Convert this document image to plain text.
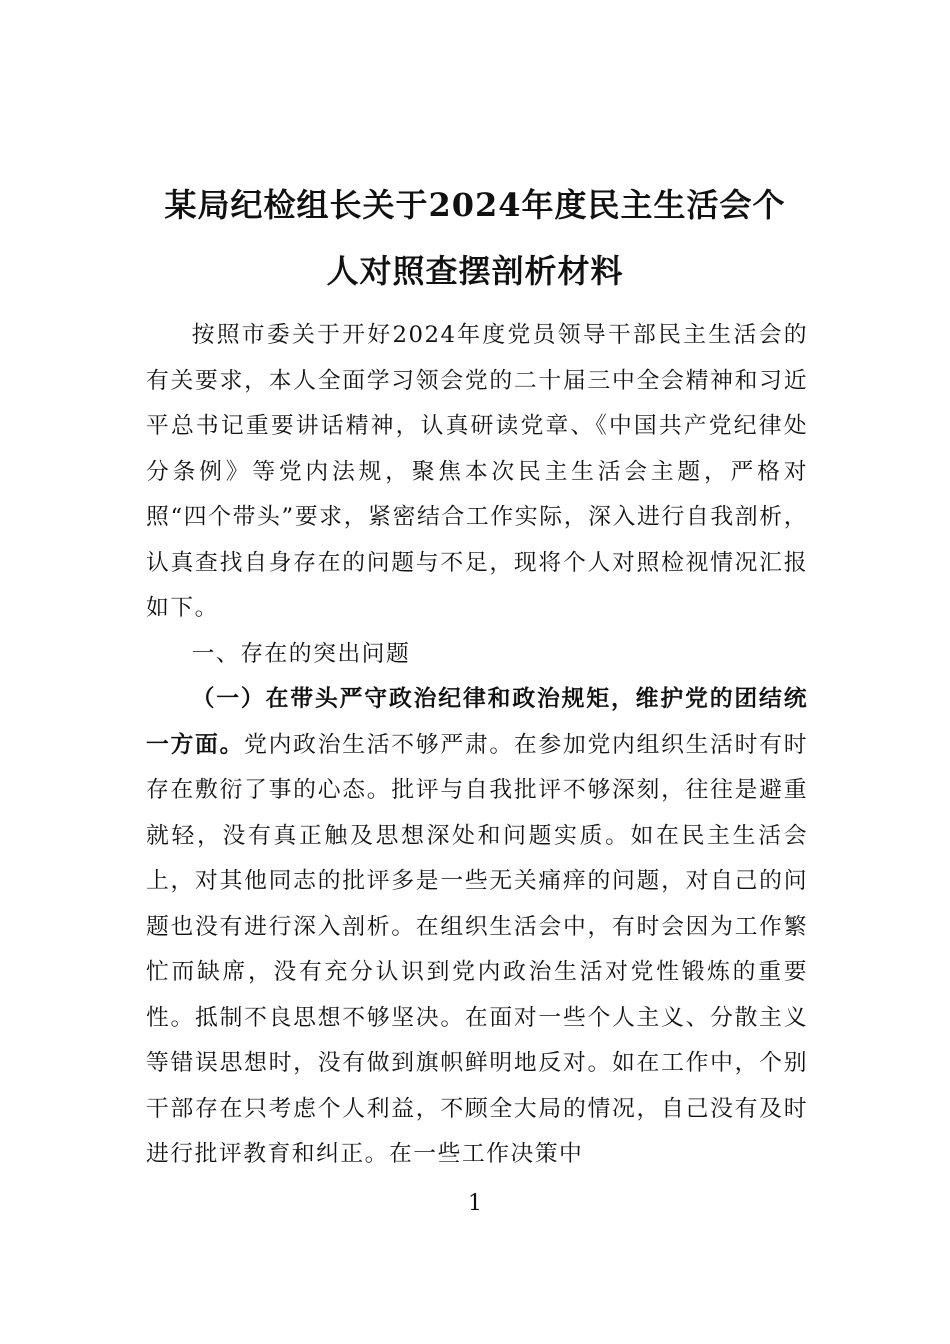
某局纪检组长关于2024年度民主生活会个
人对照查摆剖析材料

按照市委关于开好2024年度党员领导干部民主生活会的有关要求，本人全面学习领会党的二十届三中全会精神和习近平总书记重要讲话精神，认真研读党章、《中国共产党纪律处分条例》等党内法规，聚焦本次民主生活会主题，严格对照“四个带头”要求，紧密结合工作实际，深入进行自我剖析，认真查找自身存在的问题与不足，现将个人对照检视情况汇报如下。

一、存在的突出问题

（一）在带头严守政治纪律和政治规矩，维护党的团结统一方面。党内政治生活不够严肃。在参加党内组织生活时有时存在敷衍了事的心态。批评与自我批评不够深刻，往往是避重就轻，没有真正触及思想深处和问题实质。如在民主生活会上，对其他同志的批评多是一些无关痛痒的问题，对自己的问题也没有进行深入剖析。在组织生活会中，有时会因为工作繁忙而缺席，没有充分认识到党内政治生活对党性锻炼的重要性。抵制不良思想不够坚决。在面对一些个人主义、分散主义等错误思想时，没有做到旗帜鲜明地反对。如在工作中，个别干部存在只考虑个人利益，不顾全大局的情况，自己没有及时进行批评教育和纠正。在一些工作决策中

1
